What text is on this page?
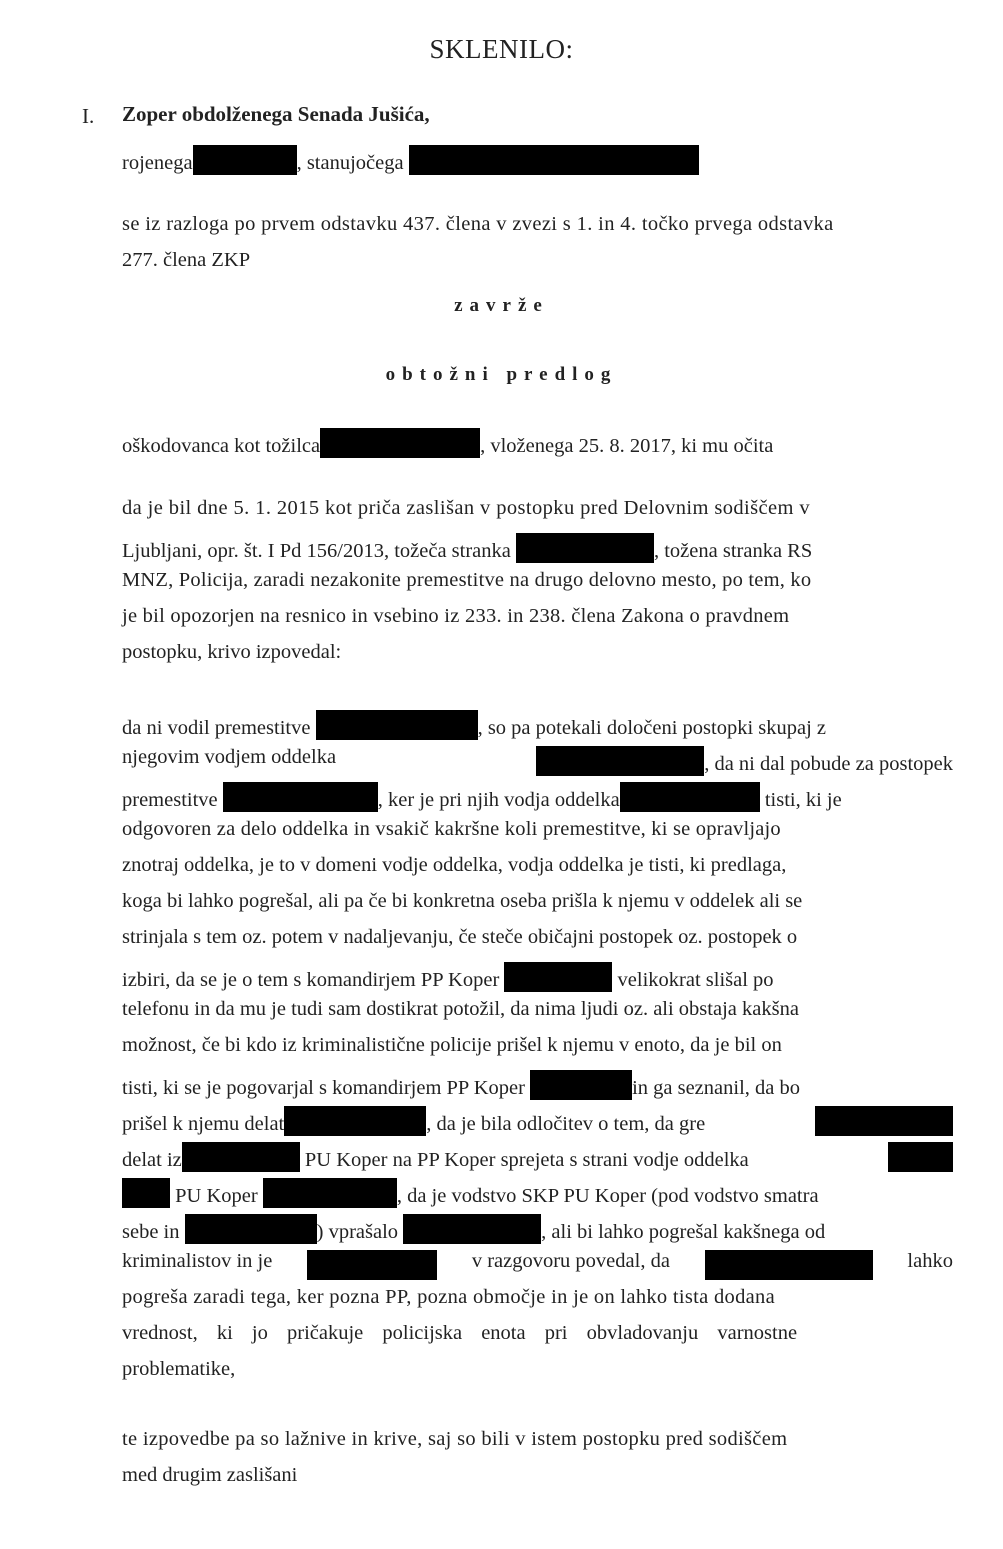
SKLENILO:
I. Zoper obdolženega Senada Jušića,
rojenega	, stanujočega
se iz razloga po prvem odstavku 437. člena v zvezi s 1. in 4. točko prvega odstavka
277. člena ZKP
zavrže
obtožni predlog
oškodovanca kot tožilca	, vloženega 25. 8. 2017, ki mu očita
da je bil dne 5. 1. 2015 kot priča zaslišan v postopku pred Delovnim sodiščem v
Ljubljani, opr. št. I Pd 156/2013, tožeča stranka	, tožena stranka RS
MNZ, Policija, zaradi nezakonite premestitve na drugo delovno mesto, po tem, ko
je bil opozorjen na resnico in vsebino iz 233. in 238. člena Zakona o pravdnem
postopku, krivo izpovedal:
da ni vodil premestitve	, so pa potekali določeni postopki skupaj z
njegovim vodjem oddelka	, da ni dal pobude za postopek
premestitve	, ker je pri njih vodja oddelka	tisti, ki je
odgovoren za delo oddelka in vsakič kakršne koli premestitve, ki se opravljajo
znotraj oddelka, je to v domeni vodje oddelka, vodja oddelka je tisti, ki predlaga,
koga bi lahko pogrešal, ali pa če bi konkretna oseba prišla k njemu v oddelek ali se
strinjala s tem oz. potem v nadaljevanju, če steče običajni postopek oz. postopek o
izbiri, da se je o tem s komandirjem PP Koper	velikokrat slišal po
telefonu in da mu je tudi sam dostikrat potožil, da nima ljudi oz. ali obstaja kakšna
možnost, če bi kdo iz kriminalistične policije prišel k njemu v enoto, da je bil on
tisti, ki se je pogovarjal s komandirjem PP Koper	in ga seznanil, da bo
prišel k njemu delat	, da je bila odločitev o tem, da gre
delat iz	PU Koper na PP Koper sprejeta s strani vodje oddelka
PU Koper	, da je vodstvo SKP PU Koper (pod vodstvo smatra
sebe in	) vprašalo	, ali bi lahko pogrešal kakšnega od
kriminalistov in je	v razgovoru povedal, da	lahko
pogreša zaradi tega, ker pozna PP, pozna območje in je on lahko tista dodana
vrednost, ki jo pričakuje policijska enota pri obvladovanju varnostne
problematike,
te izpovedbe pa so lažnive in krive, saj so bili v istem postopku pred sodiščem
med drugim zaslišani
